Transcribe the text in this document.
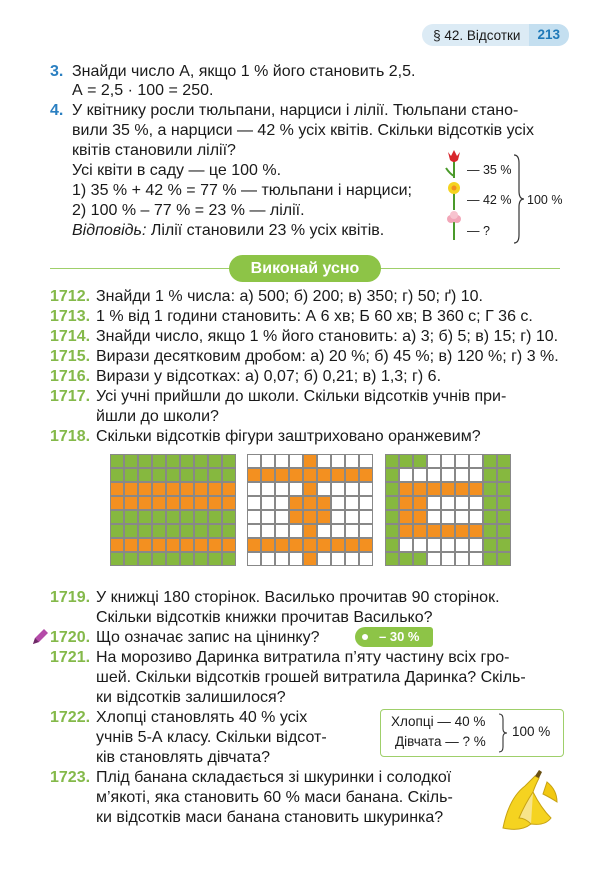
§ 42. Відсотки	213
3. Знайди число А, якщо 1 % його становить 2,5.
А = 2,5 · 100 = 250.
4. У квітнику росли тюльпани, нарциси і лілії. Тюльпани стано-
вили 35 %, а нарциси — 42 % усіх квітів. Скільки відсотків усіх
квітів становили лілії?
Усі квіти в саду — це 100 %.
1) 35 % + 42 % = 77 % — тюльпани і нарциси;
2) 100 % – 77 % = 23 % — лілії.
Відповідь: Лілії становили 23 % усіх квітів.
— 35 %
— 42 %
— ?
100 %
Виконай усно
1712. Знайди 1 % числа: а) 500; б) 200; в) 350; г) 50; ґ) 10.
1713. 1 % від 1 години становить: А 6 хв; Б 60 хв; В 360 с; Г 36 с.
1714. Знайди число, якщо 1 % його становить: а) 3; б) 5; в) 15; г) 10.
1715. Вирази десятковим дробом: а) 20 %; б) 45 %; в) 120 %; г) 3 %.
1716. Вирази у відсотках: а) 0,07; б) 0,21; в) 1,3; г) 6.
1717. Усі учні прийшли до школи. Скільки відсотків учнів при-
йшли до школи?
1718. Скільки відсотків фігури заштриховано оранжевим?
1719. У книжці 180 сторінок. Василько прочитав 90 сторінок.
Скільки відсотків книжки прочитав Василько?
1720. Що означає запис на цінинку?	– 30 %
1721. На морозиво Даринка витратила п’яту частину всіх гро-
шей. Скільки відсотків грошей витратила Даринка? Скіль-
ки відсотків залишилося?
1722. Хлопці становлять 40 % усіх
учнів 5-А класу. Скільки відсот-
ків становлять дівчата?
Хлопці — 40 %
Дівчата — ? %
100 %
1723. Плід банана складається зі шкуринки і солодкої
м’якоті, яка становить 60 % маси банана. Скіль-
ки відсотків маси банана становить шкуринка?
